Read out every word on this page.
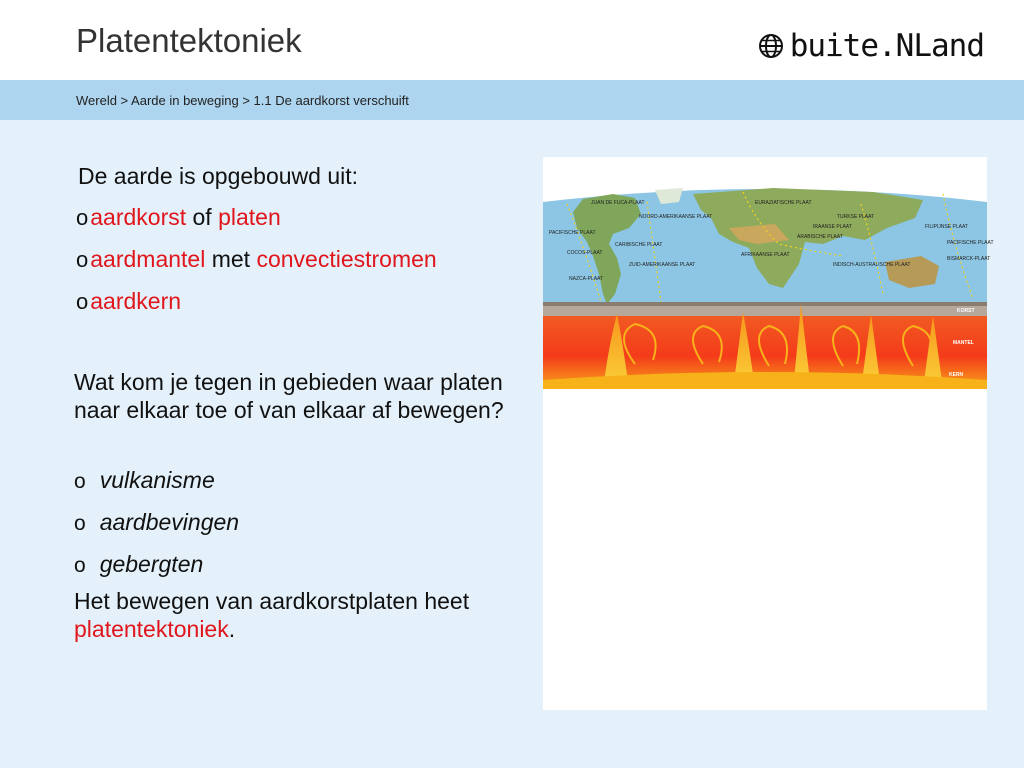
Platentektoniek	buite.NLand
Wereld > Aarde in beweging > 1.1 De aardkorst verschuift
De aarde is opgebouwd uit:
oaardkorst of platen
oaardmantel met convectiestromen
oaardkern
Wat kom je tegen in gebieden waar platen naar elkaar toe of van elkaar af bewegen?
o vulkanisme
o aardbevingen
o gebergten
Het bewegen van aardkorstplaten heet platentektoniek.
JUAN DE FUCA-PLAAT
NOORD-AMERIKAANSE PLAAT
PACIFISCHE PLAAT
COCOS-PLAAT
CARIBISCHE PLAAT
ZUID-AMERIKAANSE PLAAT
NAZCA-PLAAT
EURAZIATISCHE PLAAT
TURKSE PLAAT
ARABISCHE PLAAT
AFRIKAANSE PLAAT
IRAANSE PLAAT
INDISCH-AUSTRALISCHE PLAAT
FILIPIJNSE PLAAT
PACIFISCHE PLAAT
BISMARCK-PLAAT
KORST
MANTEL
KERN
